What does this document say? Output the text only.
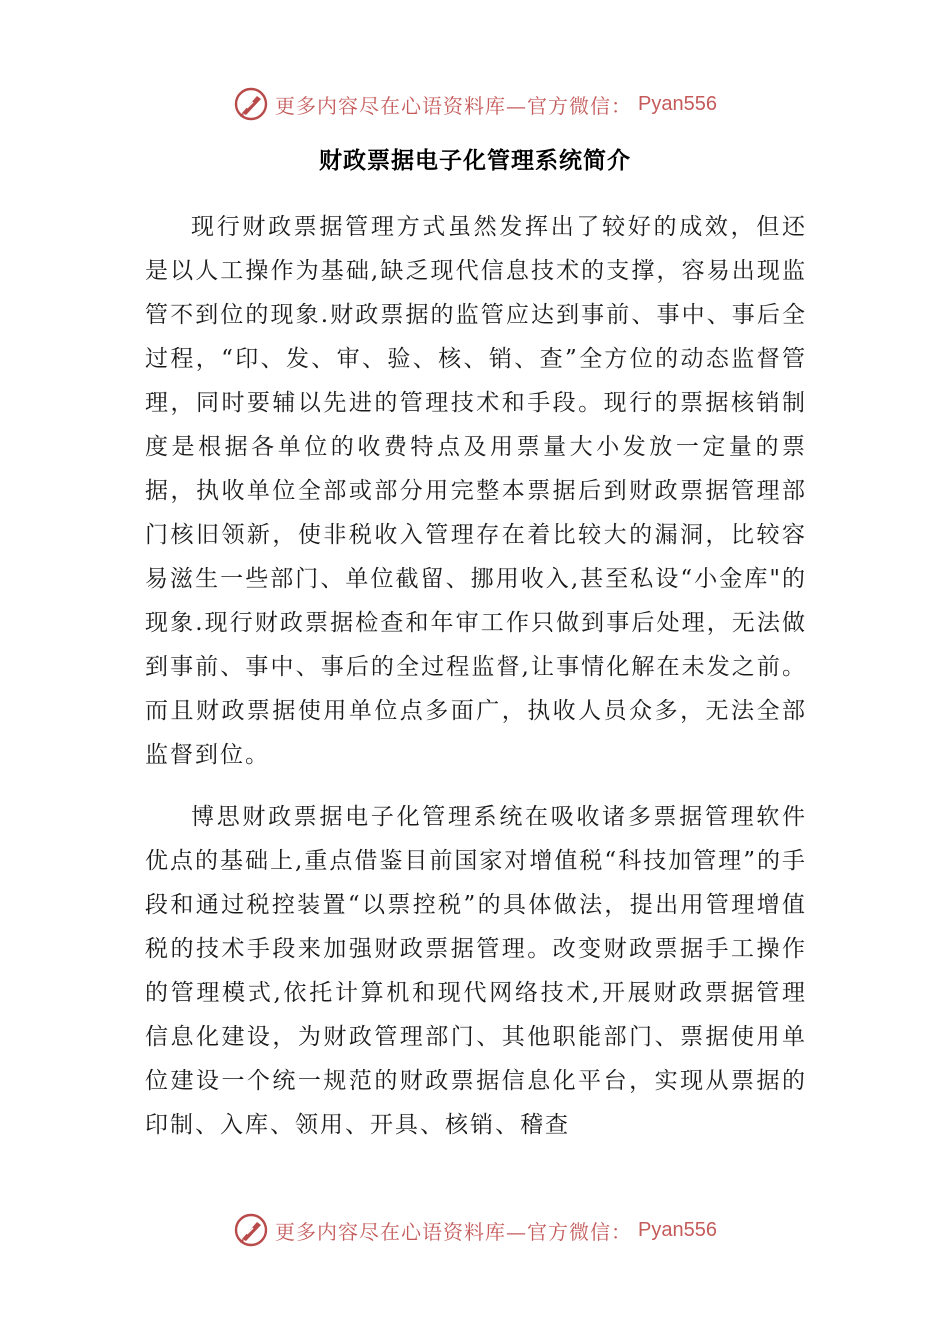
更多内容尽在心语资料库—官方微信： Pyan556
财政票据电子化管理系统简介

现行财政票据管理方式虽然发挥出了较好的成效，但还是以人工操作为基础,缺乏现代信息技术的支撑，容易出现监管不到位的现象.财政票据的监管应达到事前、事中、事后全过程，“印、发、审、验、核、销、查”全方位的动态监督管理，同时要辅以先进的管理技术和手段。现行的票据核销制度是根据各单位的收费特点及用票量大小发放一定量的票据，执收单位全部或部分用完整本票据后到财政票据管理部门核旧领新，使非税收入管理存在着比较大的漏洞，比较容易滋生一些部门、单位截留、挪用收入,甚至私设“小金库"的现象.现行财政票据检查和年审工作只做到事后处理，无法做到事前、事中、事后的全过程监督,让事情化解在未发之前。而且财政票据使用单位点多面广，执收人员众多，无法全部监督到位。

博思财政票据电子化管理系统在吸收诸多票据管理软件优点的基础上,重点借鉴目前国家对增值税“科技加管理”的手段和通过税控装置“以票控税”的具体做法，提出用管理增值税的技术手段来加强财政票据管理。改变财政票据手工操作的管理模式,依托计算机和现代网络技术,开展财政票据管理信息化建设，为财政管理部门、其他职能部门、票据使用单位建设一个统一规范的财政票据信息化平台，实现从票据的印制、入库、领用、开具、核销、稽查

更多内容尽在心语资料库—官方微信： Pyan556
